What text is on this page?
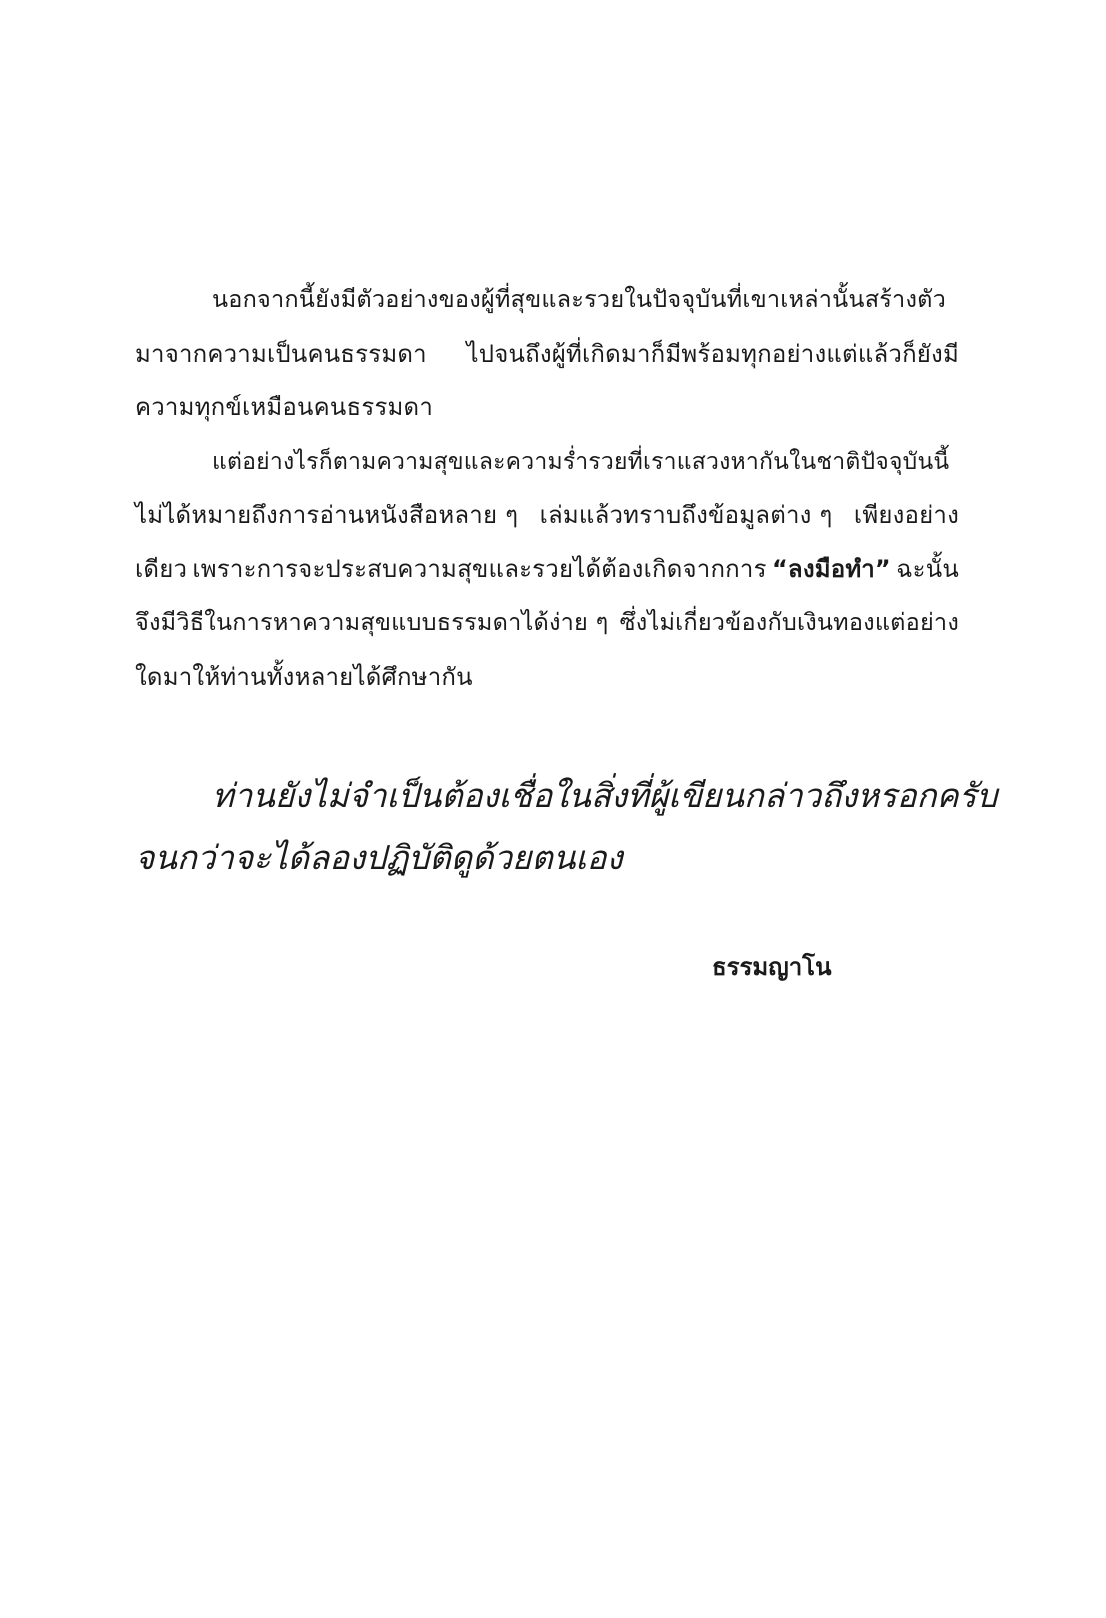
นอกจากนี้ยังมีตัวอย่างของผู้ที่สุขและรวยในปัจจุบันที่เขาเหล่านั้นสร้างตัว
มาจากความเป็นคนธรรมดา ไปจนถึงผู้ที่เกิดมาก็มีพร้อมทุกอย่างแต่แล้วก็ยังมี
ความทุกข์เหมือนคนธรรมดา
แต่อย่างไรก็ตามความสุขและความร่ำรวยที่เราแสวงหากันในชาติปัจจุบันนี้
ไม่ได้หมายถึงการอ่านหนังสือหลาย ๆ เล่มแล้วทราบถึงข้อมูลต่าง ๆ เพียงอย่าง
เดียว เพราะการจะประสบความสุขและรวยได้ต้องเกิดจากการ “ลงมือทำ” ฉะนั้น
จึงมีวิธีในการหาความสุขแบบธรรมดาได้ง่าย ๆ ซึ่งไม่เกี่ยวข้องกับเงินทองแต่อย่าง
ใดมาให้ท่านทั้งหลายได้ศึกษากัน
ท่านยังไม่จำเป็นต้องเชื่อในสิ่งที่ผู้เขียนกล่าวถึงหรอกครับ
จนกว่าจะได้ลองปฏิบัติดูด้วยตนเอง
ธรรมญาโน
